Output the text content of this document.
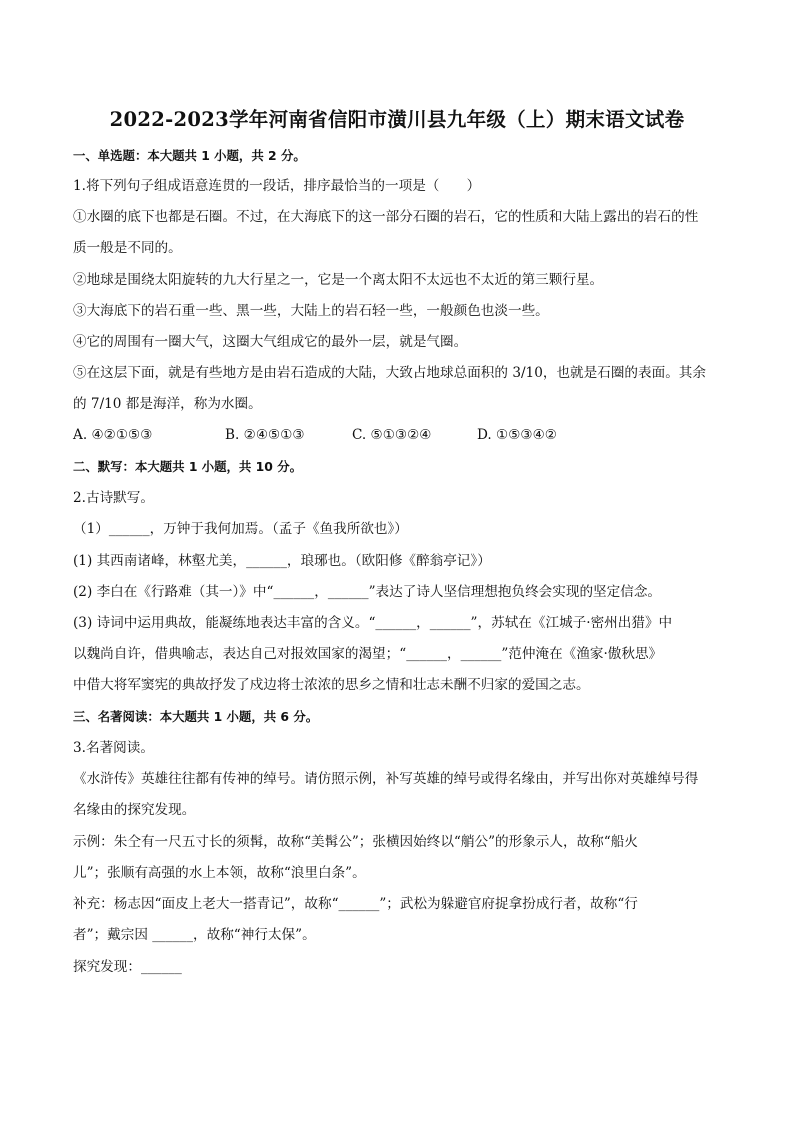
2022-2023学年河南省信阳市潢川县九年级（上）期末语文试卷
一、单选题：本大题共 1 小题，共 2 分。
1.将下列句子组成语意连贯的一段话，排序最恰当的一项是（　　）
①水圈的底下也都是石圈。不过，在大海底下的这一部分石圈的岩石，它的性质和大陆上露出的岩石的性
质一般是不同的。
②地球是围绕太阳旋转的九大行星之一，它是一个离太阳不太远也不太近的第三颗行星。
③大海底下的岩石重一些、黑一些，大陆上的岩石轻一些，一般颜色也淡一些。
④它的周围有一圈大气，这圈大气组成它的最外一层，就是气圈。
⑤在这层下面，就是有些地方是由岩石造成的大陆，大致占地球总面积的 3/10，也就是石圈的表面。其余
的 7/10 都是海洋，称为水圈。
A. ④②①⑤③	B. ②④⑤①③	C. ⑤①③②④	D. ①⑤③④②
二、默写：本大题共 1 小题，共 10 分。
2.古诗默写。
（1）______，万钟于我何加焉。（孟子《鱼我所欲也》）
(1) 其西南诸峰，林壑尤美，______，琅琊也。（欧阳修《醉翁亭记》）
(2) 李白在《行路难（其一）》中“______，______”表达了诗人坚信理想抱负终会实现的坚定信念。
(3) 诗词中运用典故，能凝练地表达丰富的含义。“______，______”，苏轼在《江城子·密州出猎》中
以魏尚自许，借典喻志，表达自己对报效国家的渴望；“______，______”范仲淹在《渔家·傲秋思》
中借大将军窦宪的典故抒发了戍边将士浓浓的思乡之情和壮志未酬不归家的爱国之志。
三、名著阅读：本大题共 1 小题，共 6 分。
3.名著阅读。
《水浒传》英雄往往都有传神的绰号。请仿照示例，补写英雄的绰号或得名缘由，并写出你对英雄绰号得
名缘由的探究发现。
示例：朱仝有一尺五寸长的须髯，故称“美髯公”；张横因始终以“艄公”的形象示人，故称“船火
儿”；张顺有高强的水上本领，故称“浪里白条”。
补充：杨志因“面皮上老大一搭青记”，故称“______”；武松为躲避官府捉拿扮成行者，故称“行
者”；戴宗因 ______，故称“神行太保”。
探究发现：______
